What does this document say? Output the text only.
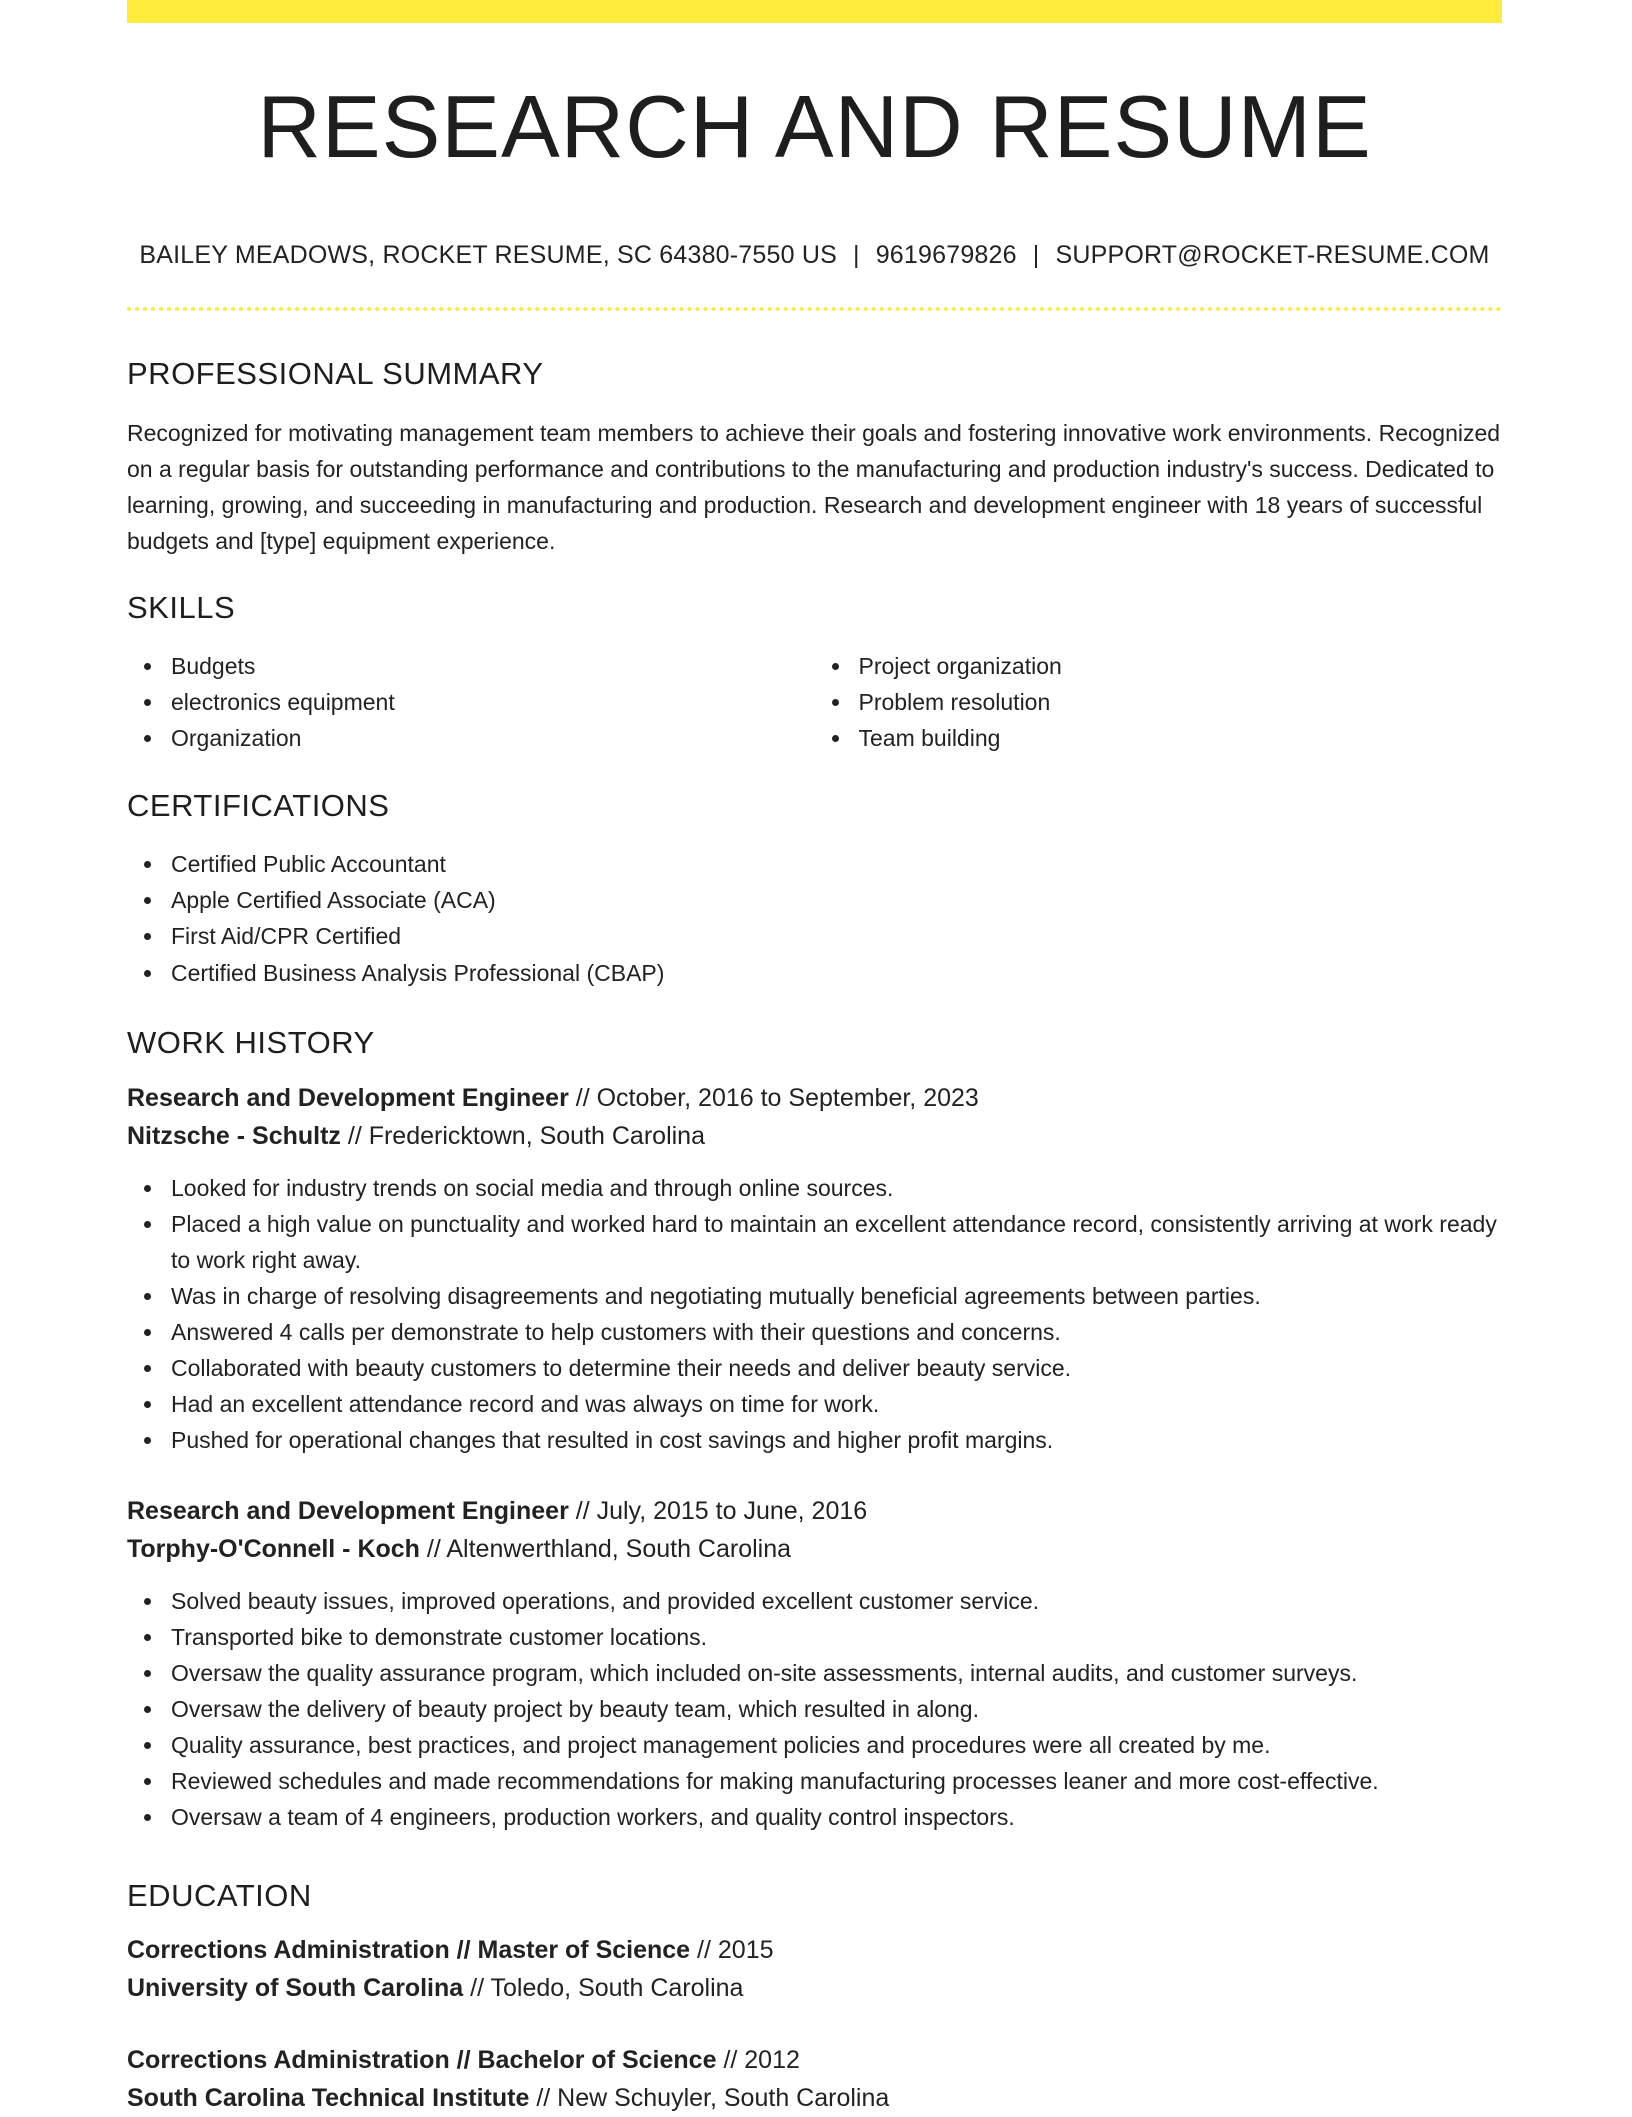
RESEARCH AND RESUME
BAILEY MEADOWS, ROCKET RESUME, SC 64380-7550 US | 9619679826 | SUPPORT@ROCKET-RESUME.COM
PROFESSIONAL SUMMARY

Recognized for motivating management team members to achieve their goals and fostering innovative work environments. Recognized on a regular basis for outstanding performance and contributions to the manufacturing and production industry's success. Dedicated to learning, growing, and succeeding in manufacturing and production. Research and development engineer with 18 years of successful budgets and [type] equipment experience.

SKILLS
Budgets
electronics equipment
Organization
Project organization
Problem resolution
Team building
CERTIFICATIONS
Certified Public Accountant
Apple Certified Associate (ACA)
First Aid/CPR Certified
Certified Business Analysis Professional (CBAP)
WORK HISTORY

Research and Development Engineer // October, 2016 to September, 2023

Nitzsche - Schultz // Fredericktown, South Carolina

Looked for industry trends on social media and through online sources.
Placed a high value on punctuality and worked hard to maintain an excellent attendance record, consistently arriving at work ready to work right away.
Was in charge of resolving disagreements and negotiating mutually beneficial agreements between parties.
Answered 4 calls per demonstrate to help customers with their questions and concerns.
Collaborated with beauty customers to determine their needs and deliver beauty service.
Had an excellent attendance record and was always on time for work.
Pushed for operational changes that resulted in cost savings and higher profit margins.

Research and Development Engineer // July, 2015 to June, 2016

Torphy-O'Connell - Koch // Altenwerthland, South Carolina

Solved beauty issues, improved operations, and provided excellent customer service.
Transported bike to demonstrate customer locations.
Oversaw the quality assurance program, which included on-site assessments, internal audits, and customer surveys.
Oversaw the delivery of beauty project by beauty team, which resulted in along.
Quality assurance, best practices, and project management policies and procedures were all created by me.
Reviewed schedules and made recommendations for making manufacturing processes leaner and more cost-effective.
Oversaw a team of 4 engineers, production workers, and quality control inspectors.
EDUCATION

Corrections Administration // Master of Science // 2015

University of South Carolina // Toledo, South Carolina

Corrections Administration // Bachelor of Science // 2012

South Carolina Technical Institute // New Schuyler, South Carolina
